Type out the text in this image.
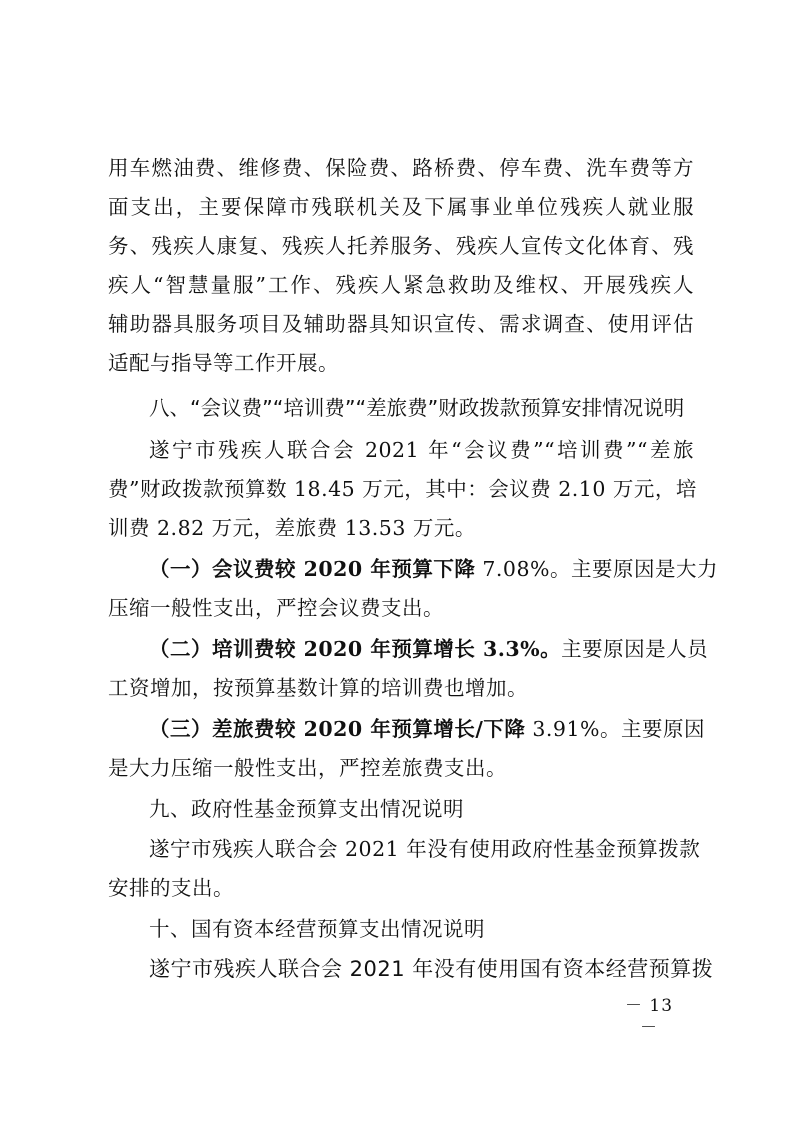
用车燃油费、维修费、保险费、路桥费、停车费、洗车费等方
面支出，主要保障市残联机关及下属事业单位残疾人就业服
务、残疾人康复、残疾人托养服务、残疾人宣传文化体育、残
疾人“智慧量服”工作、残疾人紧急救助及维权、开展残疾人
辅助器具服务项目及辅助器具知识宣传、需求调查、使用评估
适配与指导等工作开展。
八、“会议费”“培训费”“差旅费”财政拨款预算安排情况说明
遂宁市残疾人联合会 2021 年“会议费”“培训费”“差旅
费”财政拨款预算数 18.45 万元，其中：会议费 2.10 万元，培
训费 2.82 万元，差旅费 13.53 万元。
（一）会议费较 2020 年预算下降 7.08%。主要原因是大力
压缩一般性支出，严控会议费支出。
（二）培训费较 2020 年预算增长 3.3%。主要原因是人员
工资增加，按预算基数计算的培训费也增加。
（三）差旅费较 2020 年预算增长/下降 3.91%。主要原因
是大力压缩一般性支出，严控差旅费支出。
九、政府性基金预算支出情况说明
遂宁市残疾人联合会 2021 年没有使用政府性基金预算拨款
安排的支出。
十、国有资本经营预算支出情况说明
遂宁市残疾人联合会 2021 年没有使用国有资本经营预算拨
－ 13 －
